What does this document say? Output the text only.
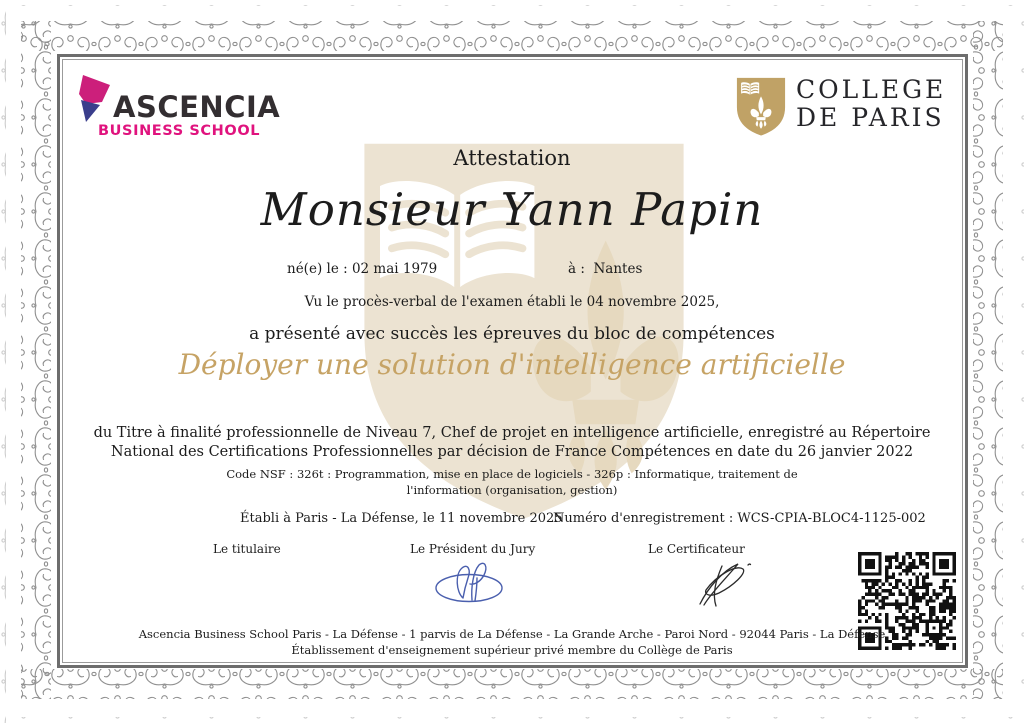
ASCENCIA
BUSINESS SCHOOL
COLLEGE
DE PARIS
Attestation
Monsieur Yann Papin
né(e) le : 02 mai 1979	à : Nantes
Vu le procès-verbal de l'examen établi le 04 novembre 2025,
a présenté avec succès les épreuves du bloc de compétences
Déployer une solution d'intelligence artificielle
du Titre à finalité professionnelle de Niveau 7, Chef de projet en intelligence artificielle, enregistré au Répertoire National des Certifications Professionnelles par décision de France Compétences en date du 26 janvier 2022
Code NSF : 326t : Programmation, mise en place de logiciels - 326p : Informatique, traitement de l'information (organisation, gestion)
Établi à Paris - La Défense, le 11 novembre 2025
Numéro d'enregistrement : WCS-CPIA-BLOC4-1125-002
Le titulaire	Le Président du Jury	Le Certificateur
Ascencia Business School Paris - La Défense - 1 parvis de La Défense - La Grande Arche - Paroi Nord - 92044 Paris - La Défense
Établissement d'enseignement supérieur privé membre du Collège de Paris
